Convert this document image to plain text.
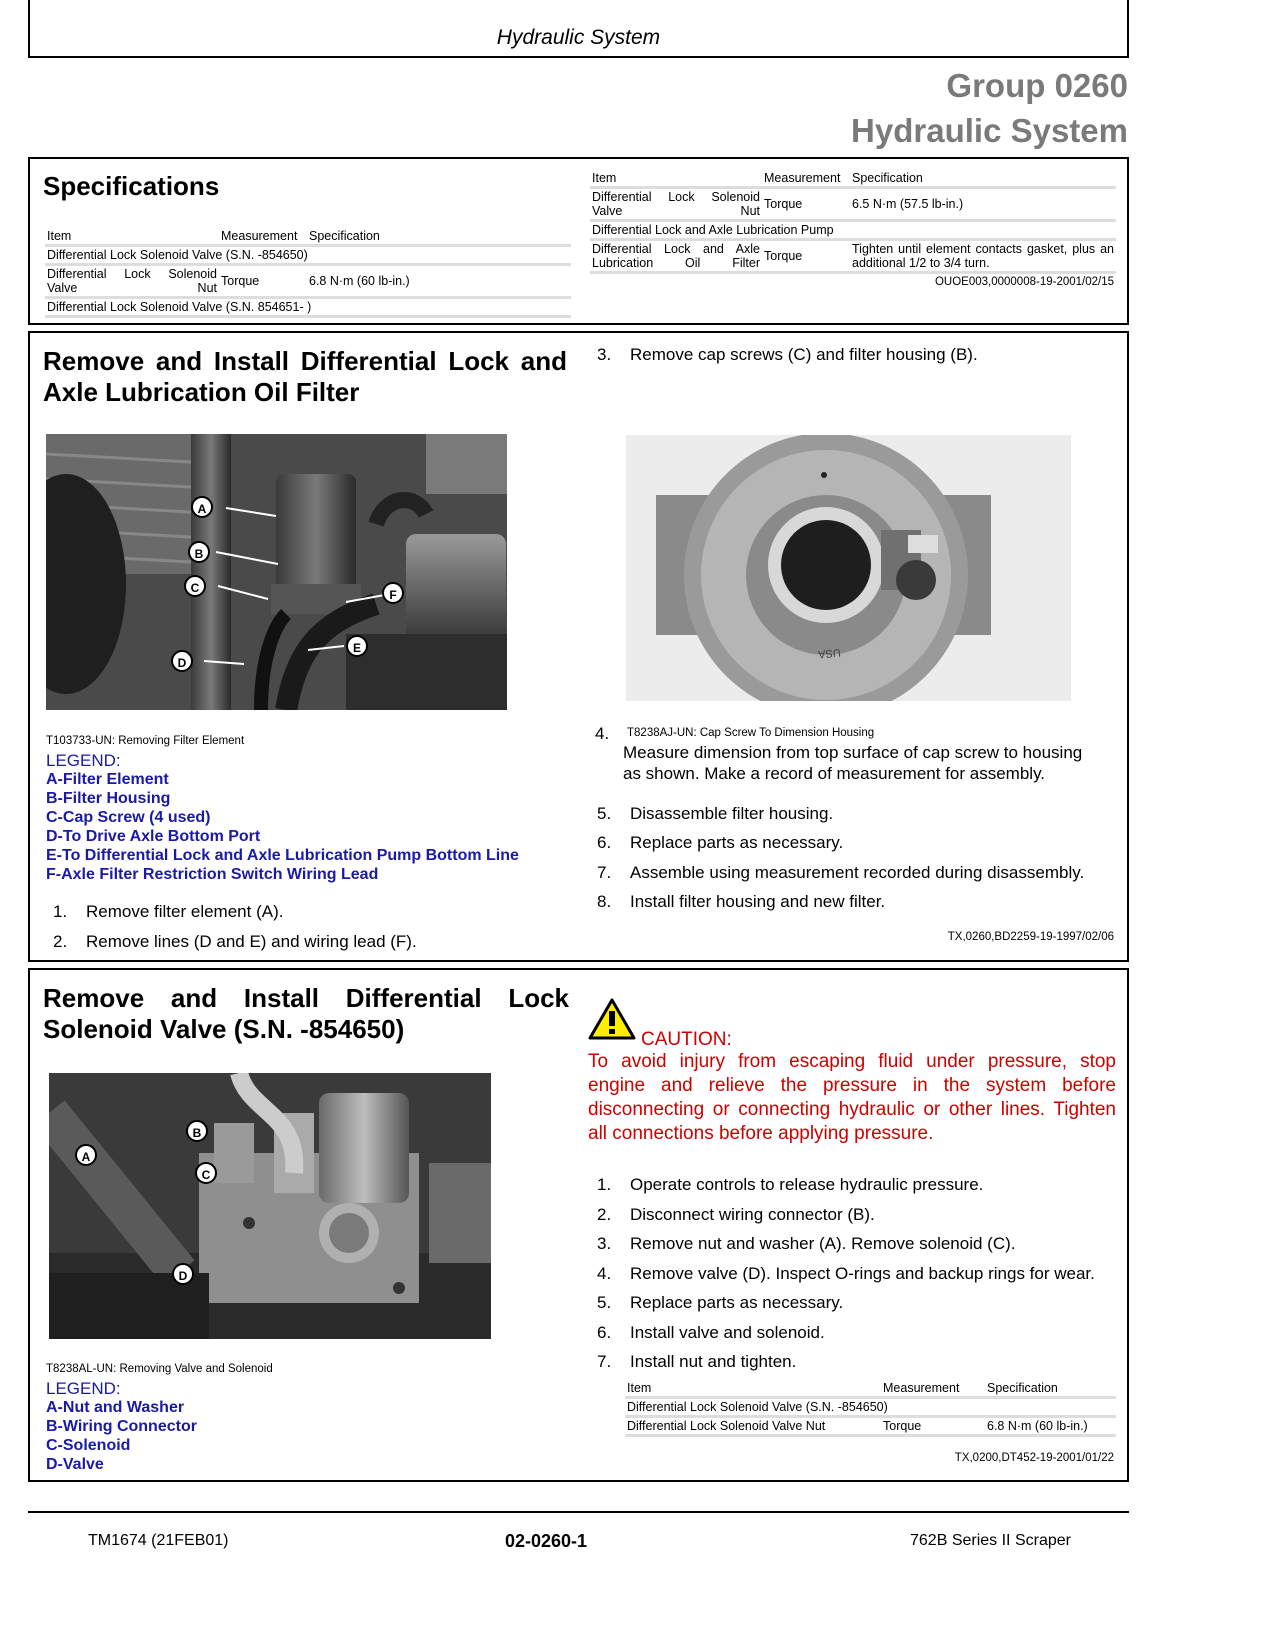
Hydraulic System
Group 0260
Hydraulic System
Specifications
Item	Measurement	Specification
Differential Lock Solenoid Valve (S.N. -854650)		
Differential Lock Solenoid Valve Nut	Torque	6.8 N·m (60 lb-in.)
Differential Lock Solenoid Valve (S.N. 854651- )		
Item	Measurement	Specification
Differential Lock Solenoid Valve Nut	Torque	6.5 N·m (57.5 lb-in.)
Differential Lock and Axle Lubrication Pump		
Differential Lock and Axle Lubrication Oil Filter	Torque	Tighten until element contacts gasket, plus an additional 1/2 to 3/4 turn.
OUOE003,0000008-19-2001/02/15
Remove and Install Differential Lock and
Axle Lubrication Oil Filter
A
B
C
D
E
F
T103733-UN: Removing Filter Element
LEGEND:
A-Filter Element
B-Filter Housing
C-Cap Screw (4 used)
D-To Drive Axle Bottom Port
E-To Differential Lock and Axle Lubrication Pump Bottom Line
F-Axle Filter Restriction Switch Wiring Lead
1. Remove filter element (A).
2. Remove lines (D and E) and wiring lead (F).
3. Remove cap screws (C) and filter housing (B).
USA
4. T8238AJ-UN: Cap Screw To Dimension Housing
Measure dimension from top surface of cap screw to housing
as shown. Make a record of measurement for assembly.
5. Disassemble filter housing.
6. Replace parts as necessary.
7. Assemble using measurement recorded during disassembly.
8. Install filter housing and new filter.
TX,0260,BD2259-19-1997/02/06
Remove and Install Differential Lock
Solenoid Valve (S.N. -854650)
A
B
C
D
T8238AL-UN: Removing Valve and Solenoid
LEGEND:
A-Nut and Washer
B-Wiring Connector
C-Solenoid
D-Valve
CAUTION:
To avoid injury from escaping fluid under pressure, stop engine and relieve the pressure in the system before disconnecting or connecting hydraulic or other lines. Tighten all connections before applying pressure.
1. Operate controls to release hydraulic pressure.
2. Disconnect wiring connector (B).
3. Remove nut and washer (A). Remove solenoid (C).
4. Remove valve (D). Inspect O-rings and backup rings for wear.
5. Replace parts as necessary.
6. Install valve and solenoid.
7. Install nut and tighten.
Item	Measurement	Specification
Differential Lock Solenoid Valve (S.N. -854650)		
Differential Lock Solenoid Valve Nut	Torque	6.8 N·m (60 lb-in.)
TX,0200,DT452-19-2001/01/22
TM1674 (21FEB01)	02-0260-1	762B Series II Scraper
